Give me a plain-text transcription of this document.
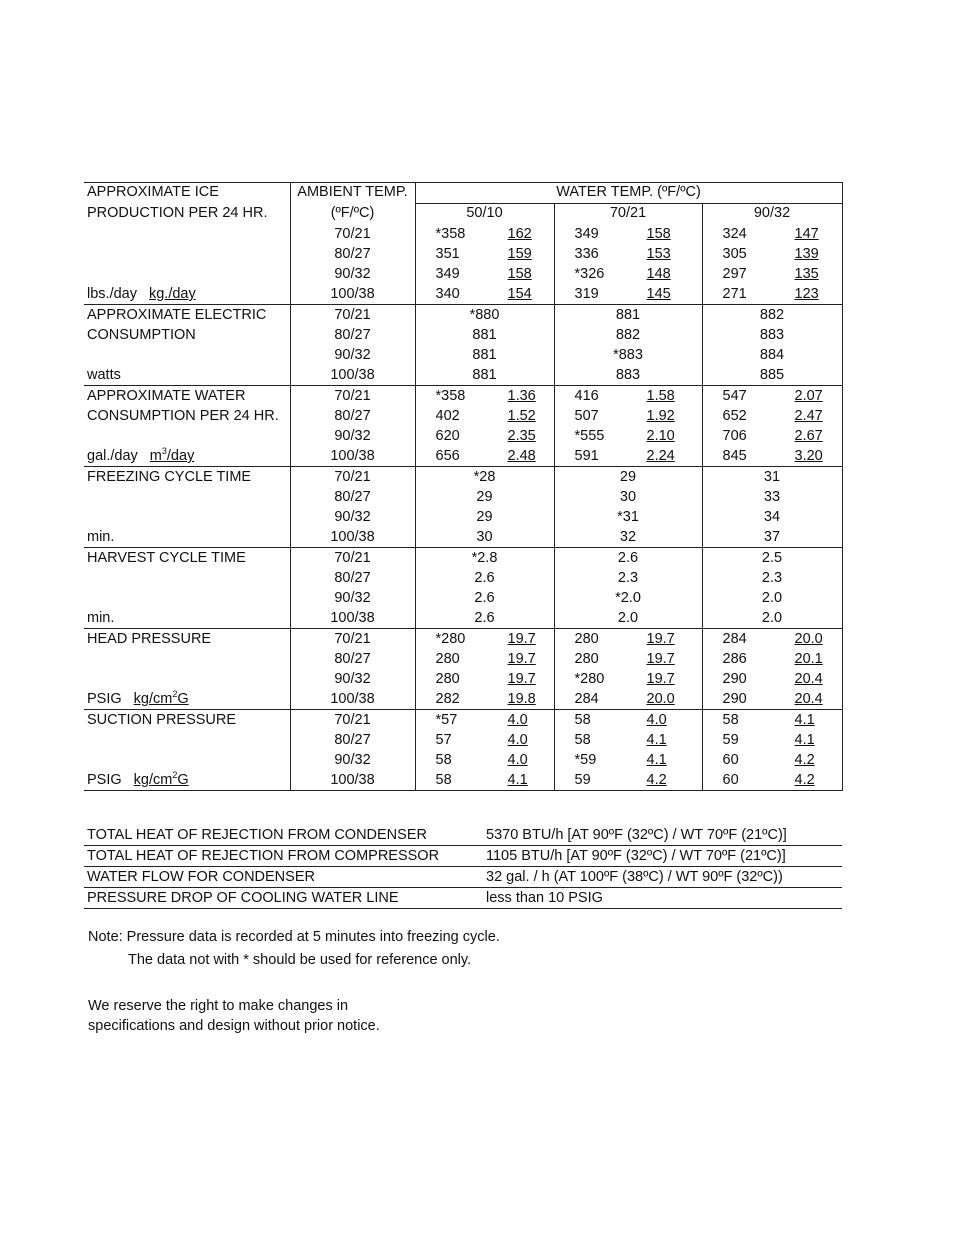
APPROXIMATE ICE	AMBIENT TEMP.	WATER TEMP. (ºF/ºC)		
PRODUCTION PER 24 HR.	(ºF/ºC)	50/10	70/21	90/32
	70/21	*358 162	349 158	324 147

	80/27	351 159	336 153	305 139

	90/32	349 158	*326 148	297 135

lbs./day kg./day	100/38	340 154	319 145	271 123

APPROXIMATE ELECTRIC	70/21	*880	881	882
CONSUMPTION	80/27	881	882	883
	90/32	881	*883	884
watts	100/38	881	883	885
APPROXIMATE WATER	70/21	*358 1.36	416 1.58	547 2.07

CONSUMPTION PER 24 HR.	80/27	402 1.52	507 1.92	652 2.47

	90/32	620 2.35	*555 2.10	706 2.67

gal./day $m^3$/day	100/38	656 2.48	591 2.24	845 3.20

FREEZING CYCLE TIME	70/21	*28	29	31
	80/27	29	30	33
	90/32	29	*31	34
min.	100/38	30	32	37
HARVEST CYCLE TIME	70/21	*2.8	2.6	2.5
	80/27	2.6	2.3	2.3
	90/32	2.6	*2.0	2.0
min.	100/38	2.6	2.0	2.0
HEAD PRESSURE	70/21	*280 19.7	280 19.7	284 20.0

	80/27	280 19.7	280 19.7	286 20.1

	90/32	280 19.7	*280 19.7	290 20.4

PSIG $kg/cm^2G$	100/38	282 19.8	284 20.0	290 20.4

SUCTION PRESSURE	70/21	*57 4.0	58 4.0	58 4.1

	80/27	57 4.0	58 4.1	59 4.1

	90/32	58 4.0	*59 4.1	60 4.2

PSIG $kg/cm^2G$	100/38	58 4.1	59 4.2	60 4.2
TOTAL HEAT OF REJECTION FROM CONDENSER	5370 BTU/h [AT 90ºF (32ºC) / WT 70ºF (21ºC)]
TOTAL HEAT OF REJECTION FROM COMPRESSOR	1105 BTU/h [AT 90ºF (32ºC) / WT 70ºF (21ºC)]
WATER FLOW FOR CONDENSER	32 gal. / h (AT 100ºF (38ºC) / WT 90ºF (32ºC))
PRESSURE DROP OF COOLING WATER LINE	less than 10 PSIG
Note: Pressure data is recorded at 5 minutes into freezing cycle.
The data not with * should be used for reference only.
We reserve the right to make changes in
specifications and design without prior notice.
